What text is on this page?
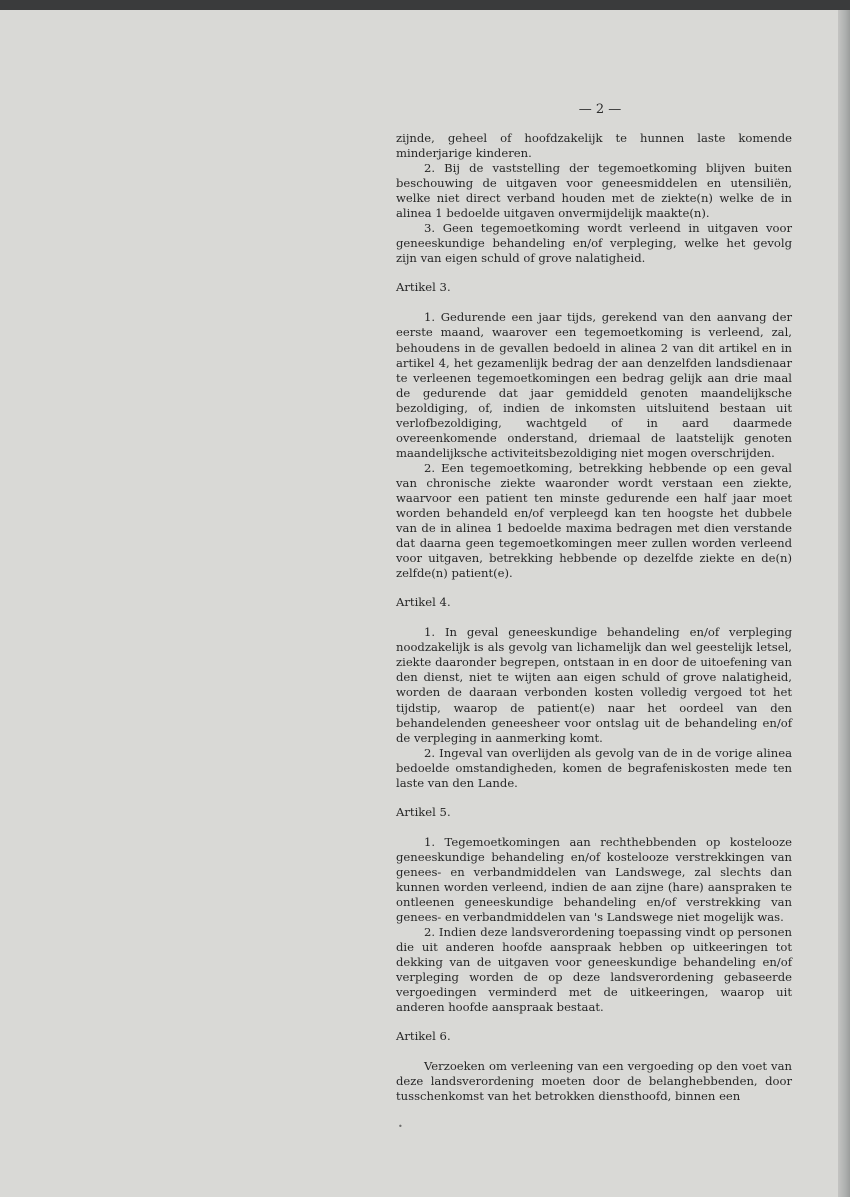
— 2 —

zijnde, geheel of hoofdzakelijk te hunnen laste komende minderjarige kinderen.

2. Bij de vaststelling der tegemoetkoming blijven buiten beschouwing de uitgaven voor geneesmiddelen en utensiliën, welke niet direct verband houden met de ziekte(n) welke de in alinea 1 bedoelde uitgaven onvermijdelijk maakte(n).

3. Geen tegemoetkoming wordt verleend in uitgaven voor geneeskundige behandeling en/of verpleging, welke het gevolg zijn van eigen schuld of grove nalatigheid.

Artikel 3.

1. Gedurende een jaar tijds, gerekend van den aanvang der eerste maand, waarover een tegemoetkoming is verleend, zal, behoudens in de gevallen bedoeld in alinea 2 van dit artikel en in artikel 4, het gezamenlijk bedrag der aan denzelfden landsdienaar te verleenen tegemoetkomingen een bedrag gelijk aan drie maal de gedurende dat jaar gemiddeld genoten maandelijksche bezoldiging, of, indien de inkomsten uitsluitend bestaan uit verlofbezoldiging, wachtgeld of in aard daarmede overeenkomende onderstand, driemaal de laatstelijk genoten maandelijksche activiteitsbezoldiging niet mogen overschrijden.

2. Een tegemoetkoming, betrekking hebbende op een geval van chronische ziekte waaronder wordt verstaan een ziekte, waarvoor een patient ten minste gedurende een half jaar moet worden behandeld en/of verpleegd kan ten hoogste het dubbele van de in alinea 1 bedoelde maxima bedragen met dien verstande dat daarna geen tegemoetkomingen meer zullen worden verleend voor uitgaven, betrekking hebbende op dezelfde ziekte en de(n) zelfde(n) patient(e).

Artikel 4.

1. In geval geneeskundige behandeling en/of verpleging noodzakelijk is als gevolg van lichamelijk dan wel geestelijk letsel, ziekte daaronder begrepen, ontstaan in en door de uitoefening van den dienst, niet te wijten aan eigen schuld of grove nalatigheid, worden de daaraan verbonden kosten volledig vergoed tot het tijdstip, waarop de patient(e) naar het oordeel van den behandelenden geneesheer voor ontslag uit de behandeling en/of de verpleging in aanmerking komt.

2. Ingeval van overlijden als gevolg van de in de vorige alinea bedoelde omstandigheden, komen de begrafeniskosten mede ten laste van den Lande.

Artikel 5.

1. Tegemoetkomingen aan rechthebbenden op kostelooze geneeskundige behandeling en/of kostelooze verstrekkingen van genees- en verbandmiddelen van Landswege, zal slechts dan kunnen worden verleend, indien de aan zijne (hare) aanspraken te ontleenen geneeskundige behandeling en/of verstrekking van genees- en verbandmiddelen van 's Landswege niet mogelijk was.

2. Indien deze landsverordening toepassing vindt op personen die uit anderen hoofde aanspraak hebben op uitkeeringen tot dekking van de uitgaven voor geneeskundige behandeling en/of verpleging worden de op deze landsverordening gebaseerde vergoedingen verminderd met de uitkeeringen, waarop uit anderen hoofde aanspraak bestaat.

Artikel 6.

Verzoeken om verleening van een vergoeding op den voet van deze landsverordening moeten door de belanghebbenden, door tusschenkomst van het betrokken diensthoofd, binnen een

•
